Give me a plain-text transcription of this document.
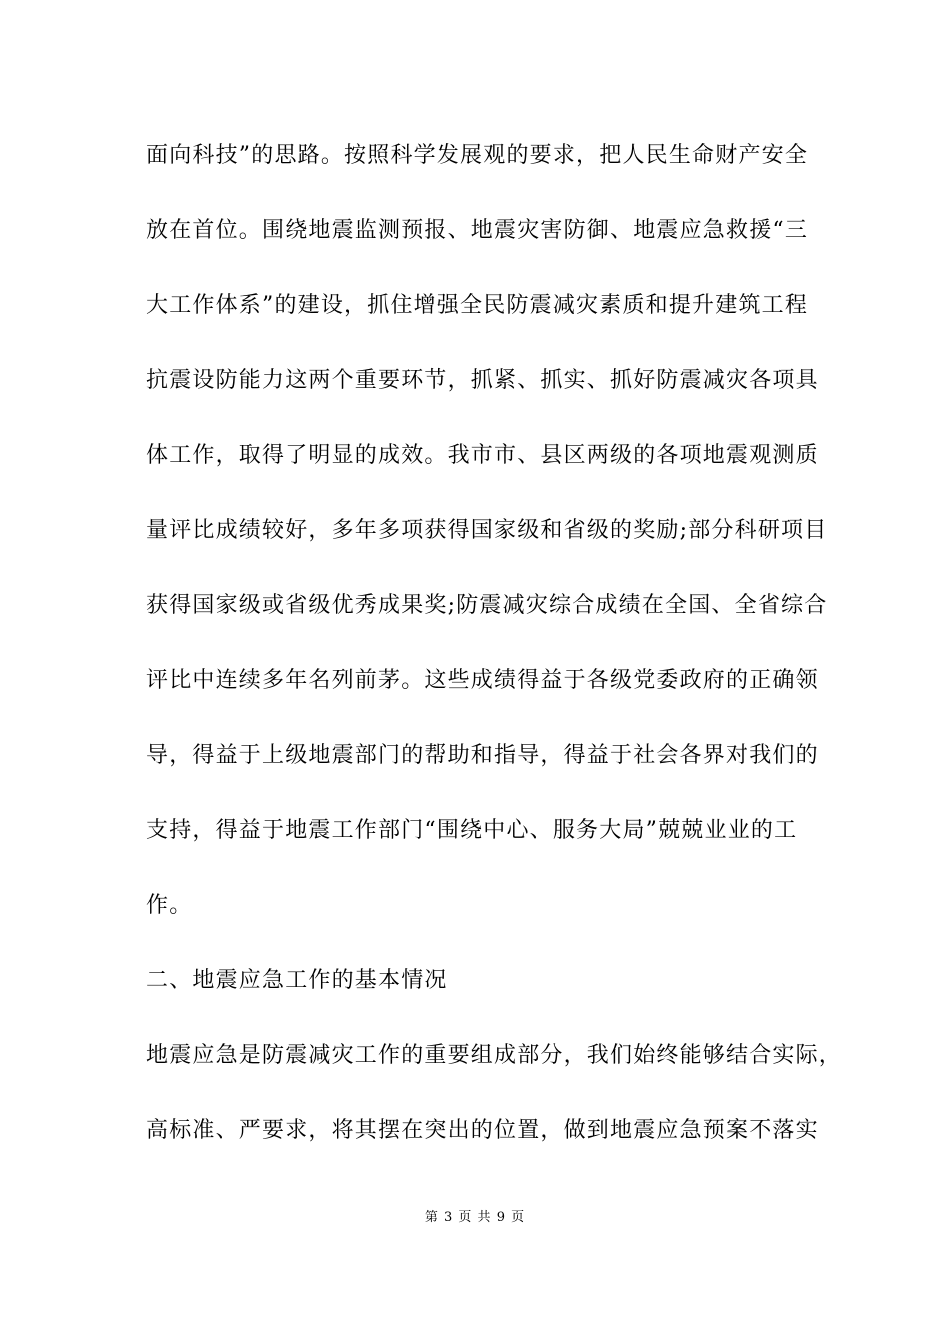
面向科技”的思路。按照科学发展观的要求，把人民生命财产安全
放在首位。围绕地震监测预报、地震灾害防御、地震应急救援“三
大工作体系”的建设，抓住增强全民防震减灾素质和提升建筑工程
抗震设防能力这两个重要环节，抓紧、抓实、抓好防震减灾各项具
体工作，取得了明显的成效。我市市、县区两级的各项地震观测质
量评比成绩较好，多年多项获得国家级和省级的奖励;部分科研项目
获得国家级或省级优秀成果奖;防震减灾综合成绩在全国、全省综合
评比中连续多年名列前茅。这些成绩得益于各级党委政府的正确领
导，得益于上级地震部门的帮助和指导，得益于社会各界对我们的
支持，得益于地震工作部门“围绕中心、服务大局”兢兢业业的工
作。
二、地震应急工作的基本情况
地震应急是防震减灾工作的重要组成部分，我们始终能够结合实际，
高标准、严要求，将其摆在突出的位置，做到地震应急预案不落实
第 3 页 共 9 页
